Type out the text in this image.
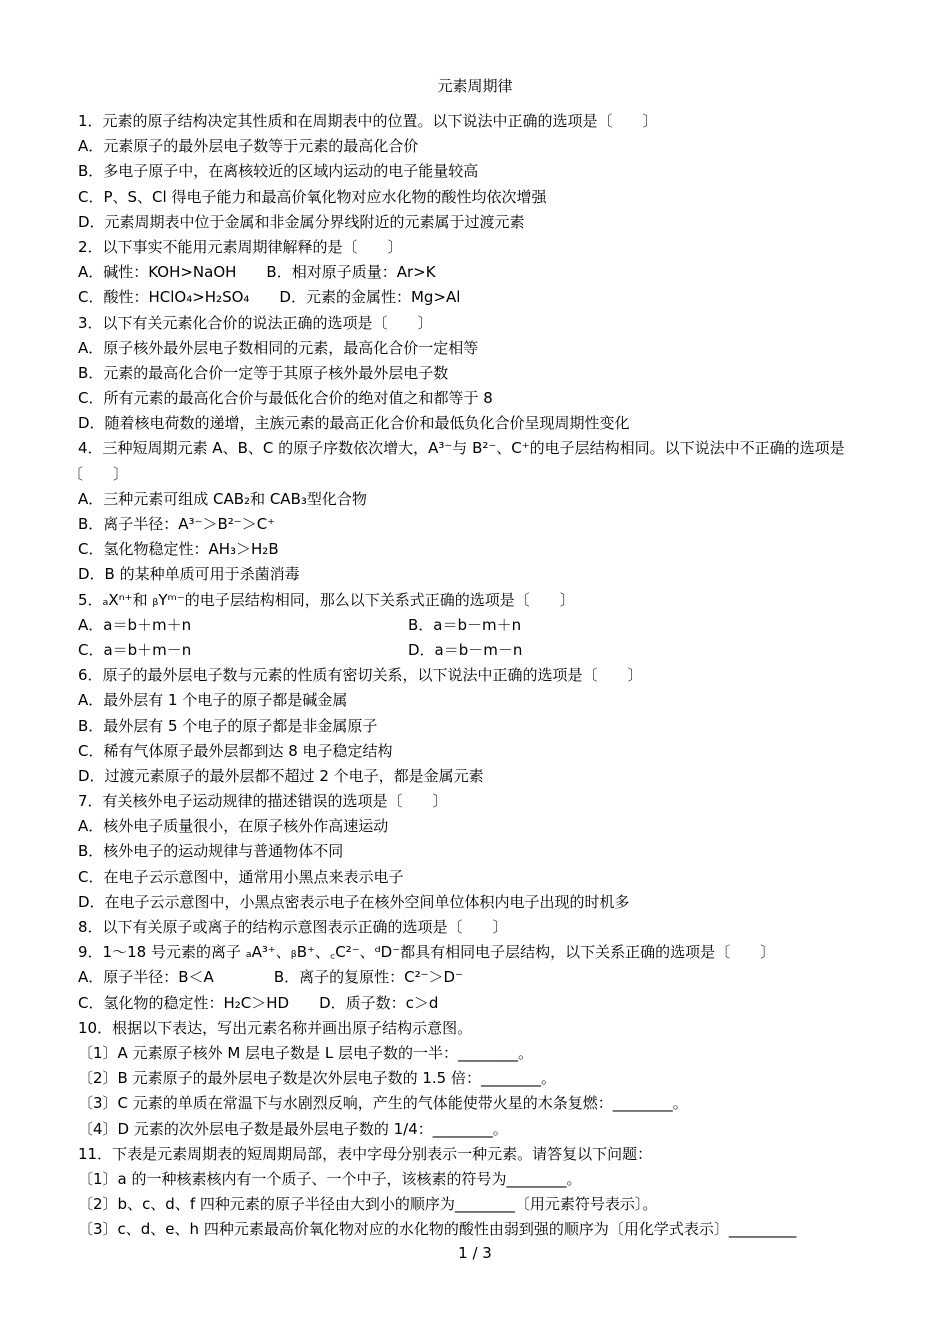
元素周期律
1．元素的原子结构决定其性质和在周期表中的位置。以下说法中正确的选项是〔　　〕
A．元素原子的最外层电子数等于元素的最高化合价
B．多电子原子中，在离核较近的区域内运动的电子能量较高
C．P、S、Cl 得电子能力和最高价氧化物对应水化物的酸性均依次增强
D．元素周期表中位于金属和非金属分界线附近的元素属于过渡元素
2．以下事实不能用元素周期律解释的是〔　　〕
A．碱性：KOH>NaOH　　B．相对原子质量：Ar>K
C．酸性：HClO₄>H₂SO₄　　D．元素的金属性：Mg>Al
3．以下有关元素化合价的说法正确的选项是〔　　〕
A．原子核外最外层电子数相同的元素，最高化合价一定相等
B．元素的最高化合价一定等于其原子核外最外层电子数
C．所有元素的最高化合价与最低化合价的绝对值之和都等于 8
D．随着核电荷数的递增，主族元素的最高正化合价和最低负化合价呈现周期性变化
4．三种短周期元素 A、B、C 的原子序数依次增大，A³⁻与 B²⁻、C⁺的电子层结构相同。以下说法中不正确的选项是〔　　〕
A．三种元素可组成 CAB₂和 CAB₃型化合物
B．离子半径：A³⁻＞B²⁻＞C⁺
C．氢化物稳定性：AH₃＞H₂B
D．B 的某种单质可用于杀菌消毒
5．ₐXⁿ⁺和 ᵦYᵐ⁻的电子层结构相同，那么以下关系式正确的选项是〔　　〕
A．a＝b＋m＋n	B．a＝b－m＋n
C．a＝b＋m－n	D．a＝b－m－n
6．原子的最外层电子数与元素的性质有密切关系，以下说法中正确的选项是〔　　〕
A．最外层有 1 个电子的原子都是碱金属
B．最外层有 5 个电子的原子都是非金属原子
C．稀有气体原子最外层都到达 8 电子稳定结构
D．过渡元素原子的最外层都不超过 2 个电子，都是金属元素
7．有关核外电子运动规律的描述错误的选项是〔　　〕
A．核外电子质量很小，在原子核外作高速运动
B．核外电子的运动规律与普通物体不同
C．在电子云示意图中，通常用小黑点来表示电子
D．在电子云示意图中，小黑点密表示电子在核外空间单位体积内电子出现的时机多
8．以下有关原子或离子的结构示意图表示正确的选项是〔　　〕
9．1～18 号元素的离子 ₐA³⁺、ᵦB⁺、꜀C²⁻、ᵈD⁻都具有相同电子层结构，以下关系正确的选项是〔　　〕
A．原子半径：B＜A　　　　B．离子的复原性：C²⁻＞D⁻
C．氢化物的稳定性：H₂C＞HD　　D．质子数：c＞d
10．根据以下表达，写出元素名称并画出原子结构示意图。
〔1〕A 元素原子核外 M 层电子数是 L 层电子数的一半：________。
〔2〕B 元素原子的最外层电子数是次外层电子数的 1.5 倍：________。
〔3〕C 元素的单质在常温下与水剧烈反响，产生的气体能使带火星的木条复燃：________。
〔4〕D 元素的次外层电子数是最外层电子数的 1/4：________。
11．下表是元素周期表的短周期局部，表中字母分别表示一种元素。请答复以下问题：
〔1〕a 的一种核素核内有一个质子、一个中子，该核素的符号为________。
〔2〕b、c、d、f 四种元素的原子半径由大到小的顺序为________〔用元素符号表示〕。
〔3〕c、d、e、h 四种元素最高价氧化物对应的水化物的酸性由弱到强的顺序为〔用化学式表示〕_________
1 / 3
